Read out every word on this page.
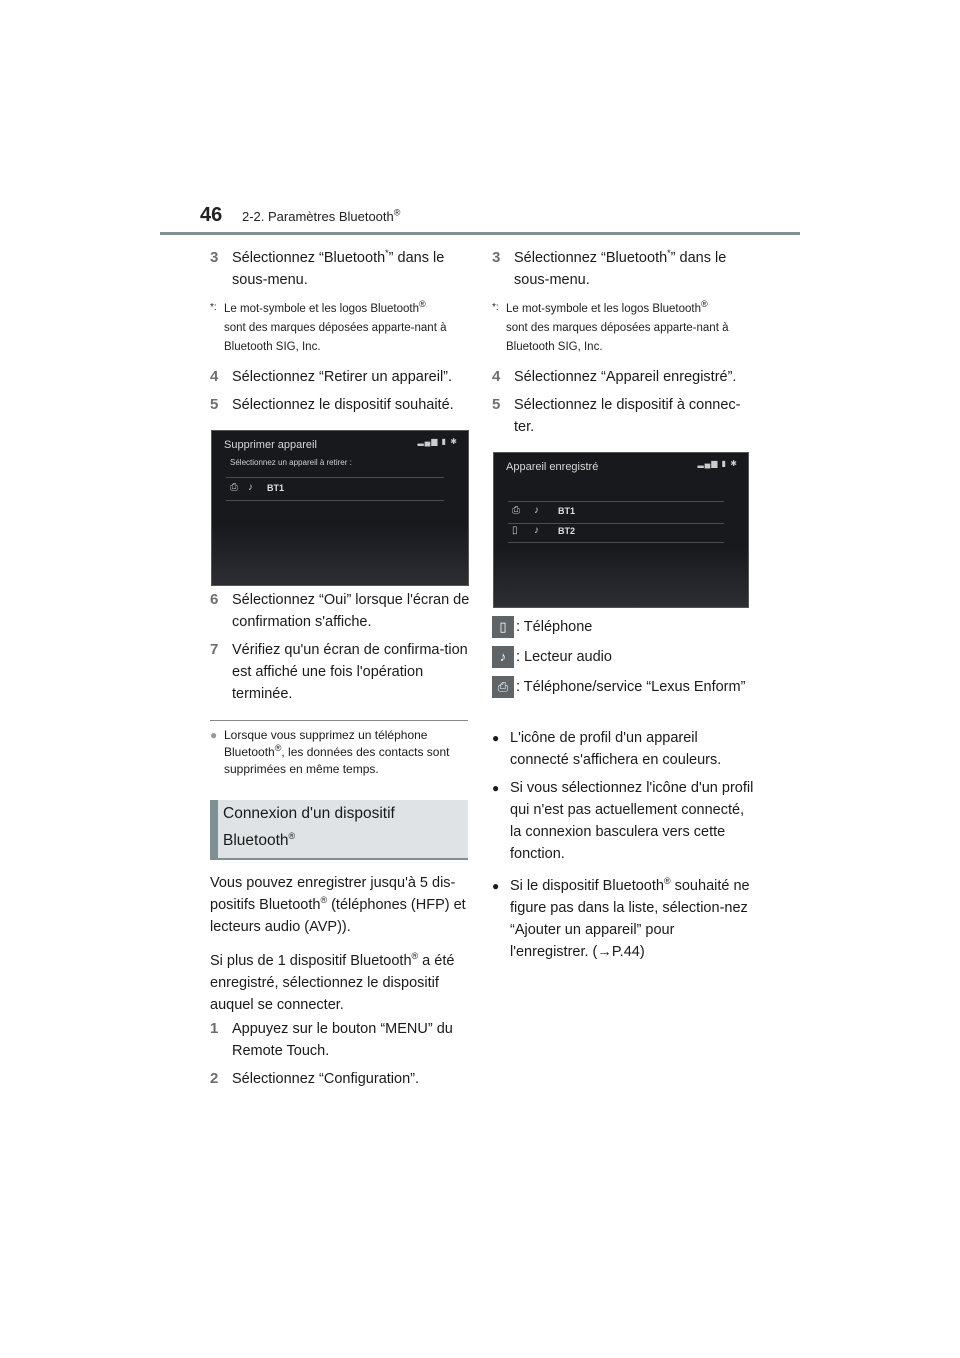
46 2-2. Paramètres Bluetooth®

3 Sélectionnez “Bluetooth*” dans le sous-menu.

*: Le mot-symbole et les logos Bluetooth®
sont des marques déposées apparte-nant à Bluetooth SIG, Inc.

4 Sélectionnez “Retirer un appareil”.

5 Sélectionnez le dispositif souhaité.

Supprimer appareil	▂▄▆ ▮ ✱
Sélectionnez un appareil à retirer :
⎙ ♪ BT1

6 Sélectionnez “Oui” lorsque l'écran de confirmation s'affiche.

7 Vérifiez qu'un écran de confirma-tion est affiché une fois l'opération terminée.

● Lorsque vous supprimez un téléphone Bluetooth®, les données des contacts sont supprimées en même temps.

Connexion d'un dispositif
Bluetooth®

Vous pouvez enregistrer jusqu'à 5 dis-positifs Bluetooth® (téléphones (HFP) et lecteurs audio (AVP)).

Si plus de 1 dispositif Bluetooth® a été enregistré, sélectionnez le dispositif auquel se connecter.

1 Appuyez sur le bouton “MENU” du Remote Touch.

2 Sélectionnez “Configuration”.

3 Sélectionnez “Bluetooth*” dans le sous-menu.

*: Le mot-symbole et les logos Bluetooth®
sont des marques déposées apparte-nant à Bluetooth SIG, Inc.

4 Sélectionnez “Appareil enregistré”.

5 Sélectionnez le dispositif à connec-ter.

Appareil enregistré	▂▄▆ ▮ ✱
⎙ ♪ BT1
▯ ♪ BT2
▯ : Téléphone
♪ : Lecteur audio
⎙ : Téléphone/service “Lexus Enform”

● L'icône de profil d'un appareil connecté s'affichera en couleurs.

● Si vous sélectionnez l'icône d'un profil qui n'est pas actuellement connecté, la connexion basculera vers cette fonction.

● Si le dispositif Bluetooth® souhaité ne figure pas dans la liste, sélection-nez “Ajouter un appareil” pour l'enregistrer. (→P.44)
